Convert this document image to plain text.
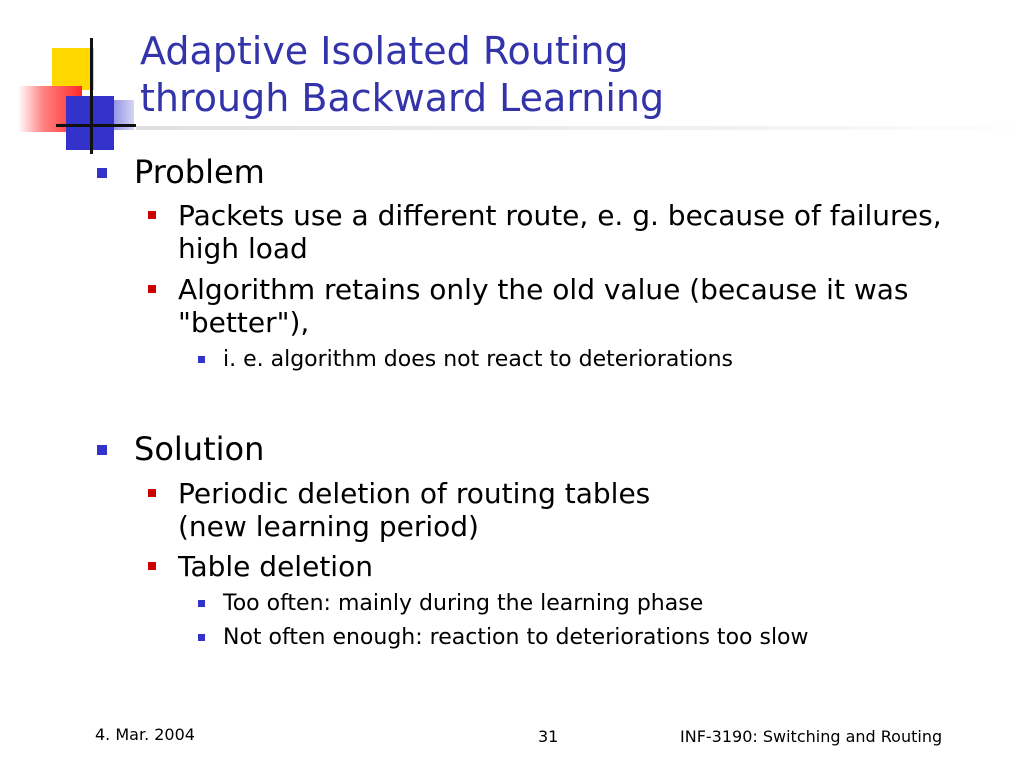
Adaptive Isolated Routing
through Backward Learning
Problem
Packets use a different route, e. g. because of failures, high load
Algorithm retains only the old value (because it was "better"),
i. e. algorithm does not react to deteriorations
Solution
Periodic deletion of routing tables
(new learning period)
Table deletion
Too often: mainly during the learning phase
Not often enough: reaction to deteriorations too slow
4. Mar. 2004	31	INF-3190: Switching and Routing
